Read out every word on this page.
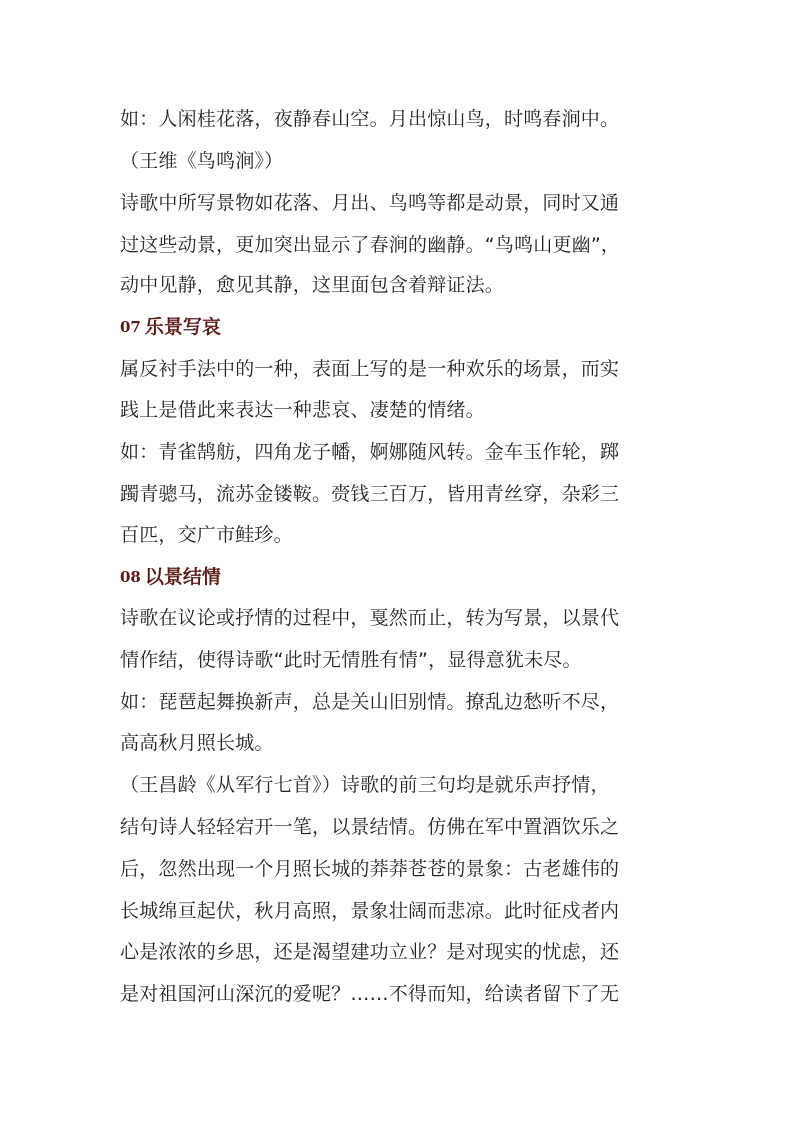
如：人闲桂花落，夜静春山空。月出惊山鸟，时鸣春涧中。
（王维《鸟鸣涧》）
诗歌中所写景物如花落、月出、鸟鸣等都是动景，同时又通
过这些动景，更加突出显示了春涧的幽静。“鸟鸣山更幽”，
动中见静，愈见其静，这里面包含着辩证法。
07 乐景写哀
属反衬手法中的一种，表面上写的是一种欢乐的场景，而实
践上是借此来表达一种悲哀、凄楚的情绪。
如：青雀鹄舫，四角龙子幡，婀娜随风转。金车玉作轮，踯
躅青骢马，流苏金镂鞍。赍钱三百万，皆用青丝穿，杂彩三
百匹，交广市鲑珍。
08 以景结情
诗歌在议论或抒情的过程中，戛然而止，转为写景，以景代
情作结，使得诗歌“此时无情胜有情”，显得意犹未尽。
如：琵琶起舞换新声，总是关山旧别情。撩乱边愁听不尽，
高高秋月照长城。
（王昌龄《从军行七首》）诗歌的前三句均是就乐声抒情，
结句诗人轻轻宕开一笔，以景结情。仿佛在军中置酒饮乐之
后，忽然出现一个月照长城的莽莽苍苍的景象：古老雄伟的
长城绵亘起伏，秋月高照，景象壮阔而悲凉。此时征戍者内
心是浓浓的乡思，还是渴望建功立业？是对现实的忧虑，还
是对祖国河山深沉的爱呢？……不得而知，给读者留下了无
